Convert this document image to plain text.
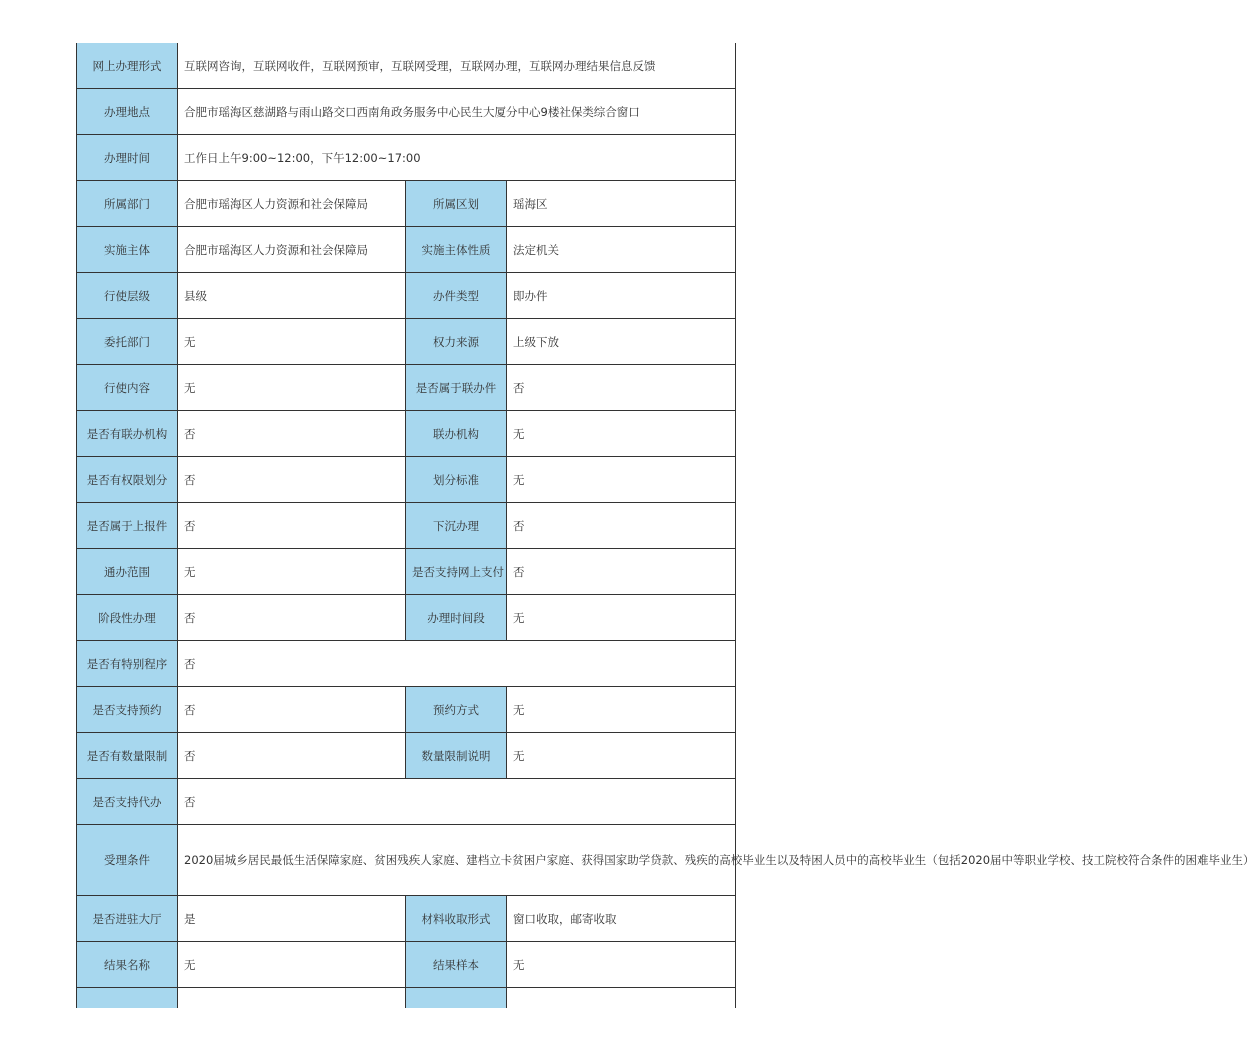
网上办理形式	互联网咨询，互联网收件，互联网预审，互联网受理，互联网办理，互联网办理结果信息反馈		
办理地点	合肥市瑶海区慈湖路与雨山路交口西南角政务服务中心民生大厦分中心9楼社保类综合窗口		
办理时间	工作日上午9:00~12:00，下午12:00~17:00		
所属部门	合肥市瑶海区人力资源和社会保障局	所属区划	瑶海区
实施主体	合肥市瑶海区人力资源和社会保障局	实施主体性质	法定机关
行使层级	县级	办件类型	即办件
委托部门	无	权力来源	上级下放
行使内容	无	是否属于联办件	否
是否有联办机构	否	联办机构	无
是否有权限划分	否	划分标准	无
是否属于上报件	否	下沉办理	否
通办范围	无	是否支持网上支付	否
阶段性办理	否	办理时间段	无
是否有特别程序	否		
是否支持预约	否	预约方式	无
是否有数量限制	否	数量限制说明	无
是否支持代办	否		
受理条件	2020届城乡居民最低生活保障家庭、贫困残疾人家庭、建档立卡贫困户家庭、获得国家助学贷款、残疾的高校毕业生以及特困人员中的高校毕业生（包括2020届中等职业学校、技工院校符合条件的困难毕业生）		
是否进驻大厅	是	材料收取形式	窗口收取，邮寄收取
结果名称	无	结果样本	无
